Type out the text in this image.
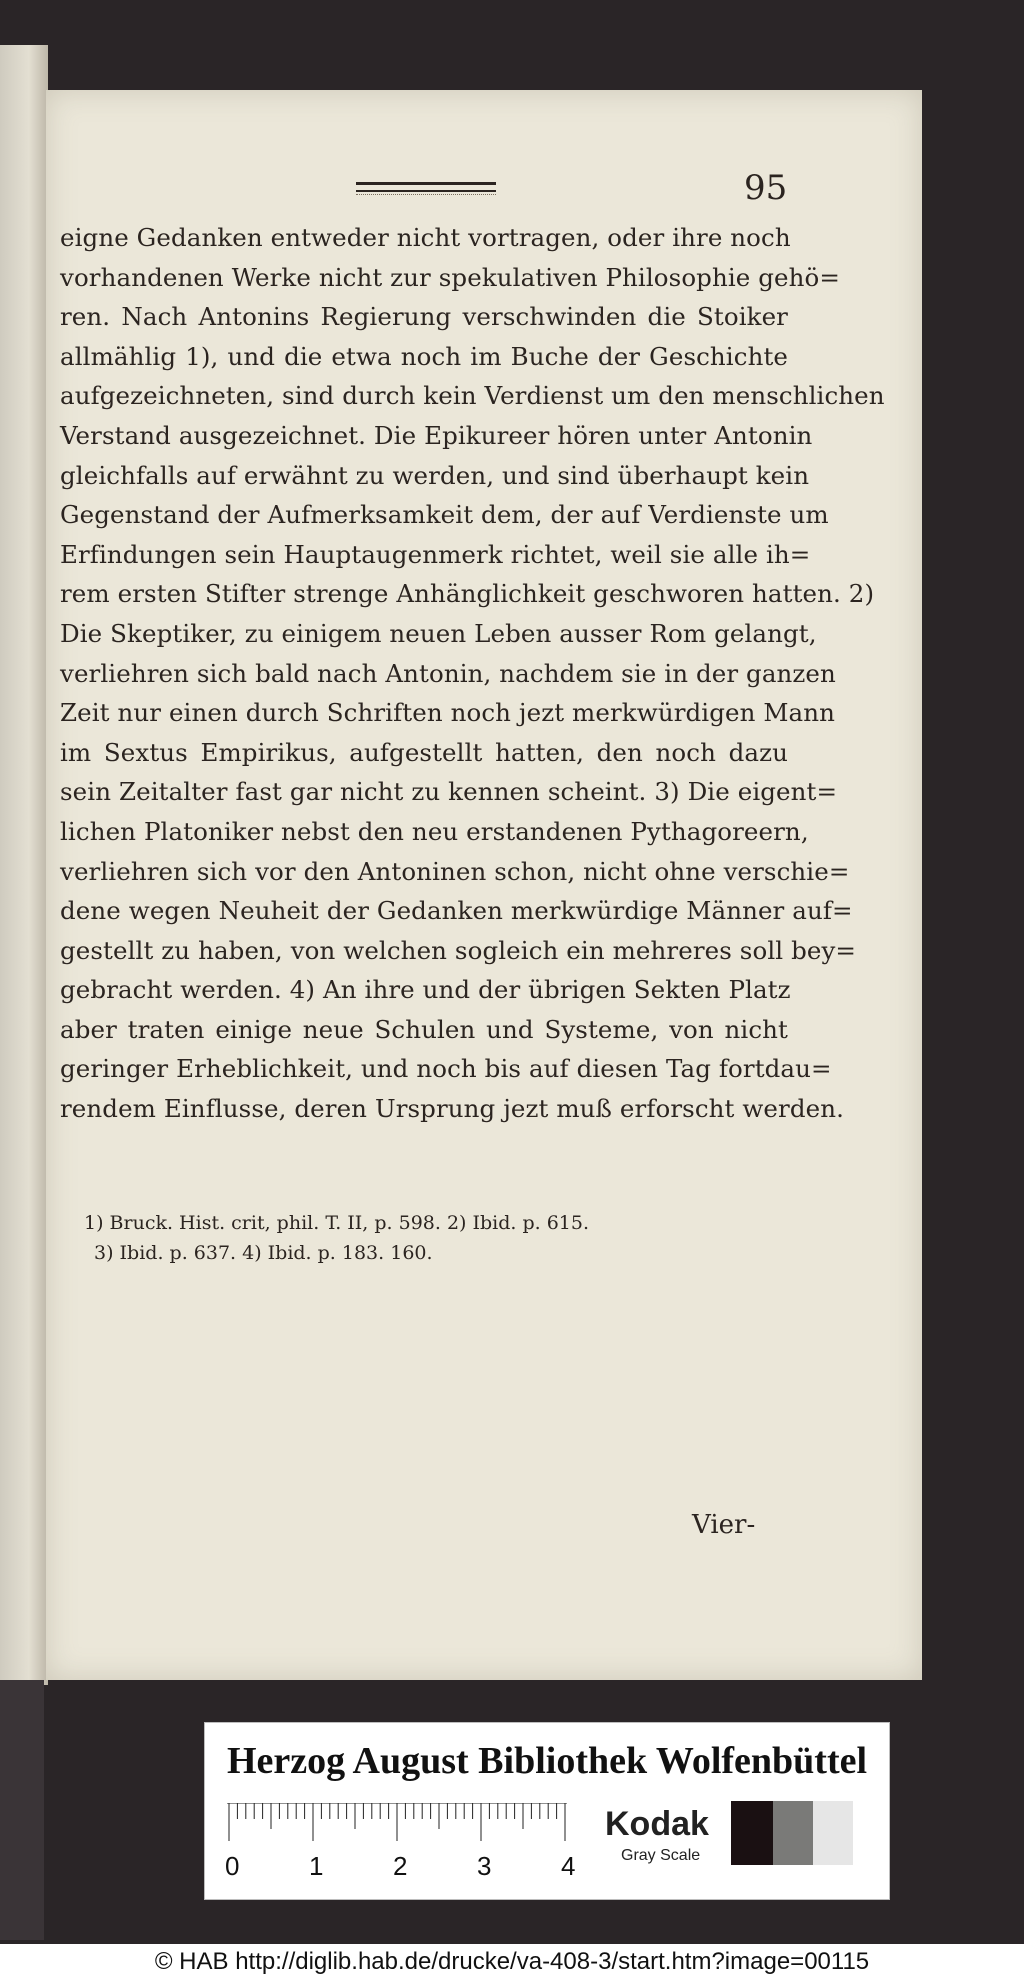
95
eigne Gedanken entweder nicht vortragen, oder ihre noch
vorhandenen Werke nicht zur spekulativen Philosophie gehö=
ren. Nach Antonins Regierung verschwinden die Stoiker
allmählig 1), und die etwa noch im Buche der Geschichte
aufgezeichneten, sind durch kein Verdienst um den menschlichen
Verstand ausgezeichnet. Die Epikureer hören unter Antonin
gleichfalls auf erwähnt zu werden, und sind überhaupt kein
Gegenstand der Aufmerksamkeit dem, der auf Verdienste um
Erfindungen sein Hauptaugenmerk richtet, weil sie alle ih=
rem ersten Stifter strenge Anhänglichkeit geschworen hatten. 2)
Die Skeptiker, zu einigem neuen Leben ausser Rom gelangt,
verliehren sich bald nach Antonin, nachdem sie in der ganzen
Zeit nur einen durch Schriften noch jezt merkwürdigen Mann
im Sextus Empirikus, aufgestellt hatten, den noch dazu
sein Zeitalter fast gar nicht zu kennen scheint. 3) Die eigent=
lichen Platoniker nebst den neu erstandenen Pythagoreern,
verliehren sich vor den Antoninen schon, nicht ohne verschie=
dene wegen Neuheit der Gedanken merkwürdige Männer auf=
gestellt zu haben, von welchen sogleich ein mehreres soll bey=
gebracht werden. 4) An ihre und der übrigen Sekten Platz
aber traten einige neue Schulen und Systeme, von nicht
geringer Erheblichkeit, und noch bis auf diesen Tag fortdau=
rendem Einflusse, deren Ursprung jezt muß erforscht werden.
1) Bruck. Hist. crit, phil. T. II, p. 598. 2) Ibid. p. 615.
3) Ibid. p. 637. 4) Ibid. p. 183. 160.
Vier-
Herzog August Bibliothek Wolfenbüttel
0	1	2	3	4
Kodak
Gray Scale
© HAB http://diglib.hab.de/drucke/va-408-3/start.htm?image=00115
